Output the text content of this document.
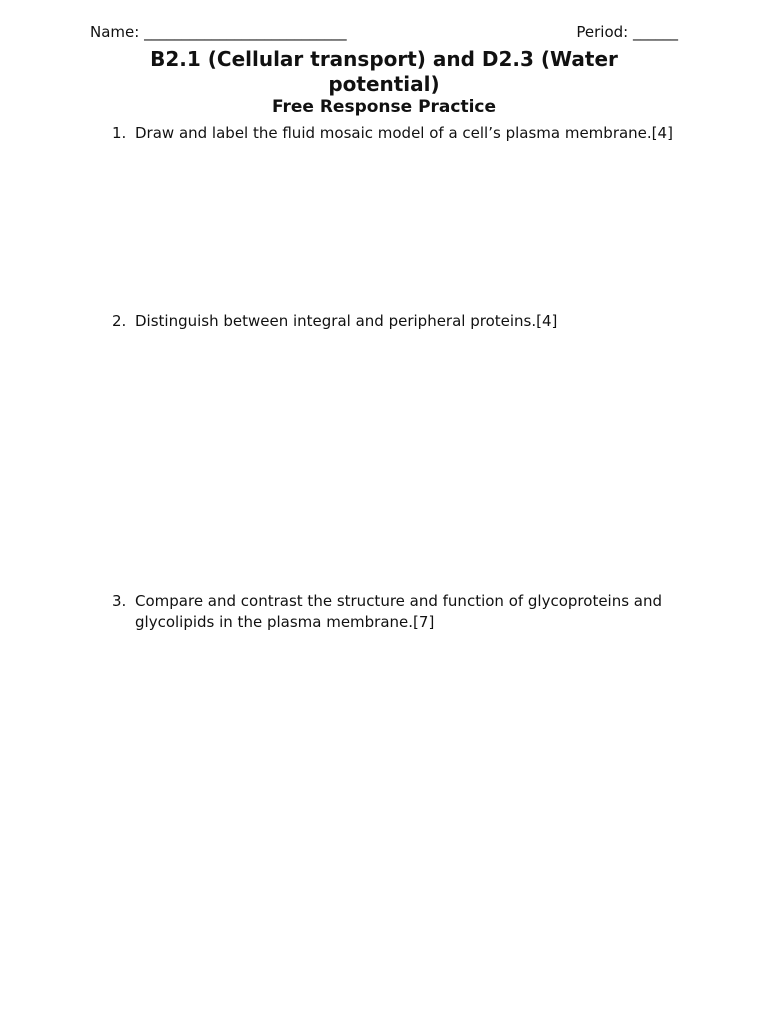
Name: ___________________________	Period: ______
B2.1 (Cellular transport) and D2.3 (Water potential)
Free Response Practice
1. Draw and label the fluid mosaic model of a cell’s plasma membrane.[4]
2. Distinguish between integral and peripheral proteins.[4]
3. Compare and contrast the structure and function of glycoproteins and glycolipids in the plasma membrane.[7]
